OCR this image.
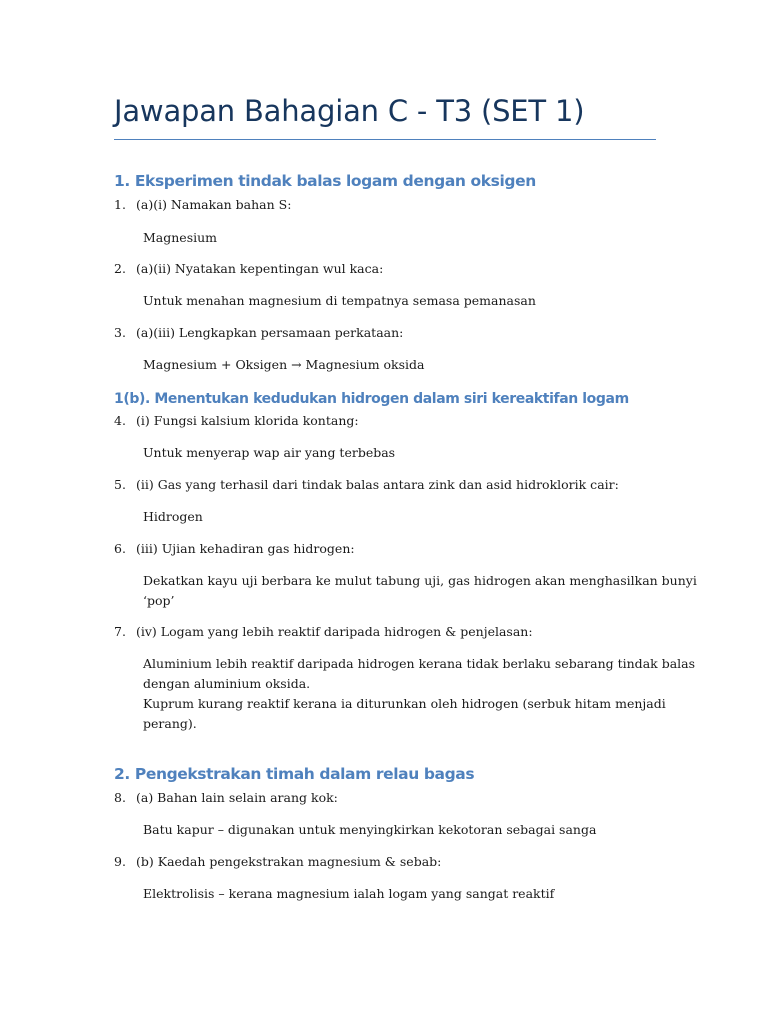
Jawapan Bahagian C - T3 (SET 1)
1. Eksperimen tindak balas logam dengan oksigen
1. (a)(i) Namakan bahan S:

Magnesium

2. (a)(ii) Nyatakan kepentingan wul kaca:

Untuk menahan magnesium di tempatnya semasa pemanasan

3. (a)(iii) Lengkapkan persamaan perkataan:

Magnesium + Oksigen → Magnesium oksida

1(b). Menentukan kedudukan hidrogen dalam siri kereaktifan logam
4. (i) Fungsi kalsium klorida kontang:

Untuk menyerap wap air yang terbebas

5. (ii) Gas yang terhasil dari tindak balas antara zink dan asid hidroklorik cair:

Hidrogen

6. (iii) Ujian kehadiran gas hidrogen:

Dekatkan kayu uji berbara ke mulut tabung uji, gas hidrogen akan menghasilkan bunyi

‘pop’

7. (iv) Logam yang lebih reaktif daripada hidrogen & penjelasan:

Aluminium lebih reaktif daripada hidrogen kerana tidak berlaku sebarang tindak balas

dengan aluminium oksida.

Kuprum kurang reaktif kerana ia diturunkan oleh hidrogen (serbuk hitam menjadi

perang).

2. Pengekstrakan timah dalam relau bagas
8. (a) Bahan lain selain arang kok:

Batu kapur – digunakan untuk menyingkirkan kekotoran sebagai sanga

9. (b) Kaedah pengekstrakan magnesium & sebab:

Elektrolisis – kerana magnesium ialah logam yang sangat reaktif
